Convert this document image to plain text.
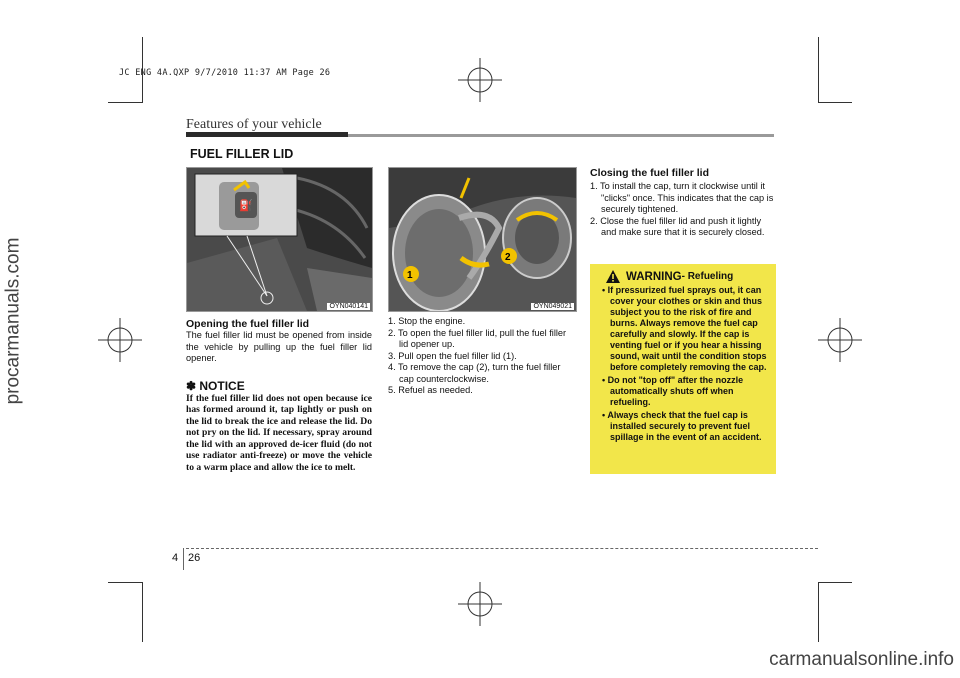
JC ENG 4A.QXP 9/7/2010 11:37 AM Page 26
procarmanuals.com
carmanualsonline.info
Features of your vehicle
FUEL FILLER LID
⛽
OYN040141
1
2
OYN049021
Opening the fuel filler lid
The fuel filler lid must be opened from inside the vehicle by pulling up the fuel filler lid opener.
✽ NOTICE
If the fuel filler lid does not open because ice has formed around it, tap lightly or push on the lid to break the ice and release the lid. Do not pry on the lid. If necessary, spray around the lid with an approved de-icer fluid (do not use radiator anti-freeze) or move the vehicle to a warm place and allow the ice to melt.
1. Stop the engine.
2. To open the fuel filler lid, pull the fuel filler lid opener up.
3. Pull open the fuel filler lid (1).
4. To remove the cap (2), turn the fuel filler cap counterclockwise.
5. Refuel as needed.
Closing the fuel filler lid
1. To install the cap, turn it clockwise until it "clicks" once. This indicates that the cap is securely tightened.
2. Close the fuel filler lid and push it lightly and make sure that it is securely closed.
WARNING - Refueling
• If pressurized fuel sprays out, it can cover your clothes or skin and thus subject you to the risk of fire and burns. Always remove the fuel cap carefully and slowly. If the cap is venting fuel or if you hear a hissing sound, wait until the condition stops before completely removing the cap.
• Do not "top off" after the nozzle automatically shuts off when refueling.
• Always check that the fuel cap is installed securely to prevent fuel spillage in the event of an accident.
4 26
